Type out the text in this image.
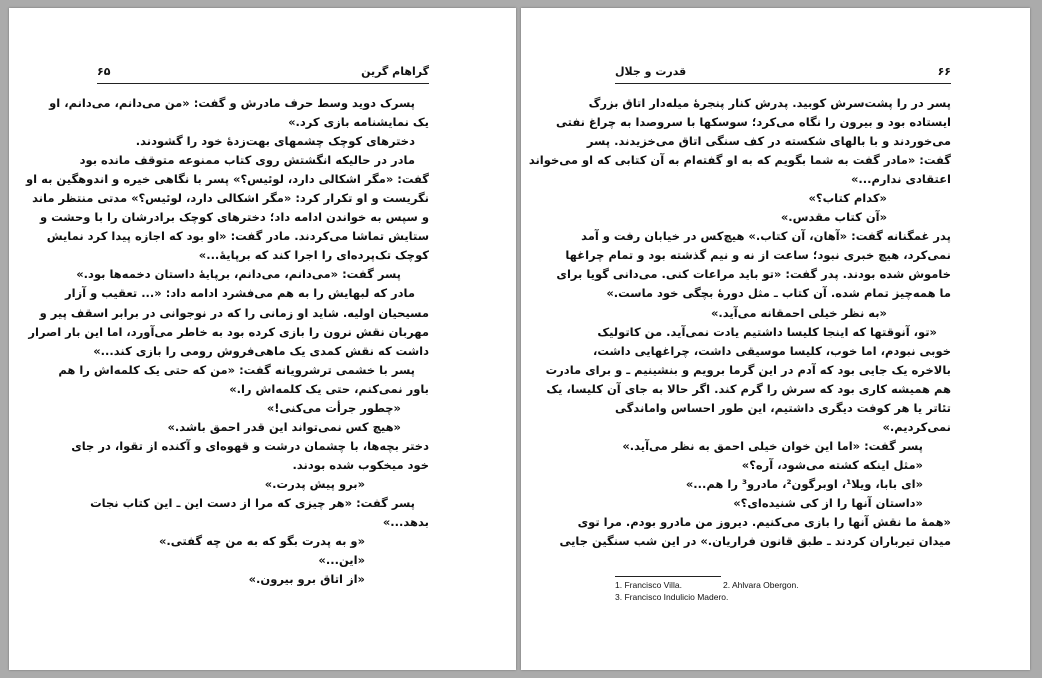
۶۵	گراهام گرین
پسرک دوید وسط حرف مادرش و گفت: «من می‌دانم، می‌دانم، او
یک نمایشنامه بازی کرد.»
دخترهای کوچک چشمهای بهت‌زدهٔ خود را گشودند.
مادر در حالیکه انگشتش روی کتاب ممنوعه متوقف مانده بود
گفت: «مگر اشکالی دارد، لوئیس؟» پسر با نگاهی خیره و اندوهگین به او
نگریست و او تکرار کرد: «مگر اشکالی دارد، لوئیس؟» مدتی منتظر ماند
و سپس به خواندن ادامه داد؛ دخترهای کوچک برادرشان را با وحشت و
ستایش تماشا می‌کردند. مادر گفت: «او بود که اجازه پیدا کرد نمایش
کوچک تک‌پرده‌ای را اجرا کند که برپایهٔ...»
پسر گفت: «می‌دانم، می‌دانم، برپایهٔ داستان دخمه‌ها بود.»
مادر که لبهایش را به هم می‌فشرد ادامه داد: «... تعقیب و آزار
مسیحیان اولیه. شاید او زمانی را که در نوجوانی در برابر اسقف پیر و
مهربان نقش نرون را بازی کرده بود به خاطر می‌آورد، اما این بار اصرار
داشت که نقش کمدی یک ماهی‌فروش رومی را بازی کند...»
پسر با خشمی ترشرویانه گفت: «من که حتی یک کلمه‌اش را هم
باور نمی‌کنم، حتی یک کلمه‌اش را.»
«چطور جرأت می‌کنی!»
«هیچ کس نمی‌تواند این قدر احمق باشد.»
دختر بچه‌ها، با چشمان درشت و قهوه‌ای و آکنده از تقوا، در جای
خود میخکوب شده بودند.
«برو پیش پدرت.»
پسر گفت: «هر چیزی که مرا از دست این ـ این کتاب نجات
بدهد...»
«و به پدرت بگو که به من چه گفتی.»
«این...»
«از اتاق برو بیرون.»
۶۶
قدرت و جلال
پسر در را پشت‌سرش کوبید. پدرش کنار پنجرهٔ میله‌دار اتاق بزرگ
ایستاده بود و بیرون را نگاه می‌کرد؛ سوسکها با سروصدا به چراغ نفتی
می‌خوردند و با بالهای شکسته در کف سنگی اتاق می‌خزیدند. پسر
گفت: «مادر گفت به شما بگویم که به او گفته‌ام به آن کتابی که او می‌خواند
اعتقادی ندارم...»
«کدام کتاب؟»
«آن کتاب مقدس.»
پدر غمگنانه گفت: «آهان، آن کتاب.» هیچ‌کس در خیابان رفت و آمد
نمی‌کرد، هیچ خبری نبود؛ ساعت از نه و نیم گذشته بود و تمام چراغها
خاموش شده بودند. پدر گفت: «تو باید مراعات کنی. می‌دانی گویا برای
ما همه‌چیز تمام شده. آن کتاب ـ مثل دورهٔ بچگی خود ماست.»
«به نظر خیلی احمقانه می‌آید.»
«تو، آنوقتها که اینجا کلیسا داشتیم یادت نمی‌آید. من کاتولیک
خوبی نبودم، اما خوب، کلیسا موسیقی داشت، چراغهایی داشت،
بالاخره یک جایی بود که آدم در این گرما برویم و بنشینیم ـ و برای مادرت
هم همیشه کاری بود که سرش را گرم کند. اگر حالا به جای آن کلیسا، یک
تئاتر یا هر کوفت دیگری داشتیم، این طور احساس واماندگی
نمی‌کردیم.»
پسر گفت: «اما این خوان خیلی احمق به نظر می‌آید.»
«مثل اینکه کشته می‌شود، آره؟»
«ای بابا، ویلا¹، اوبرگون²، مادرو³ را هم...»
«داستان آنها را از کی شنیده‌ای؟»
«همهٔ ما نقش آنها را بازی می‌کنیم. دیروز من مادرو بودم. مرا توی
میدان تیرباران کردند ـ طبق قانون فراریان.» در این شب سنگین جایی
1. Francisco Villa.	2. Ahlvara Obergon.
3. Francisco Indulicio Madero.
